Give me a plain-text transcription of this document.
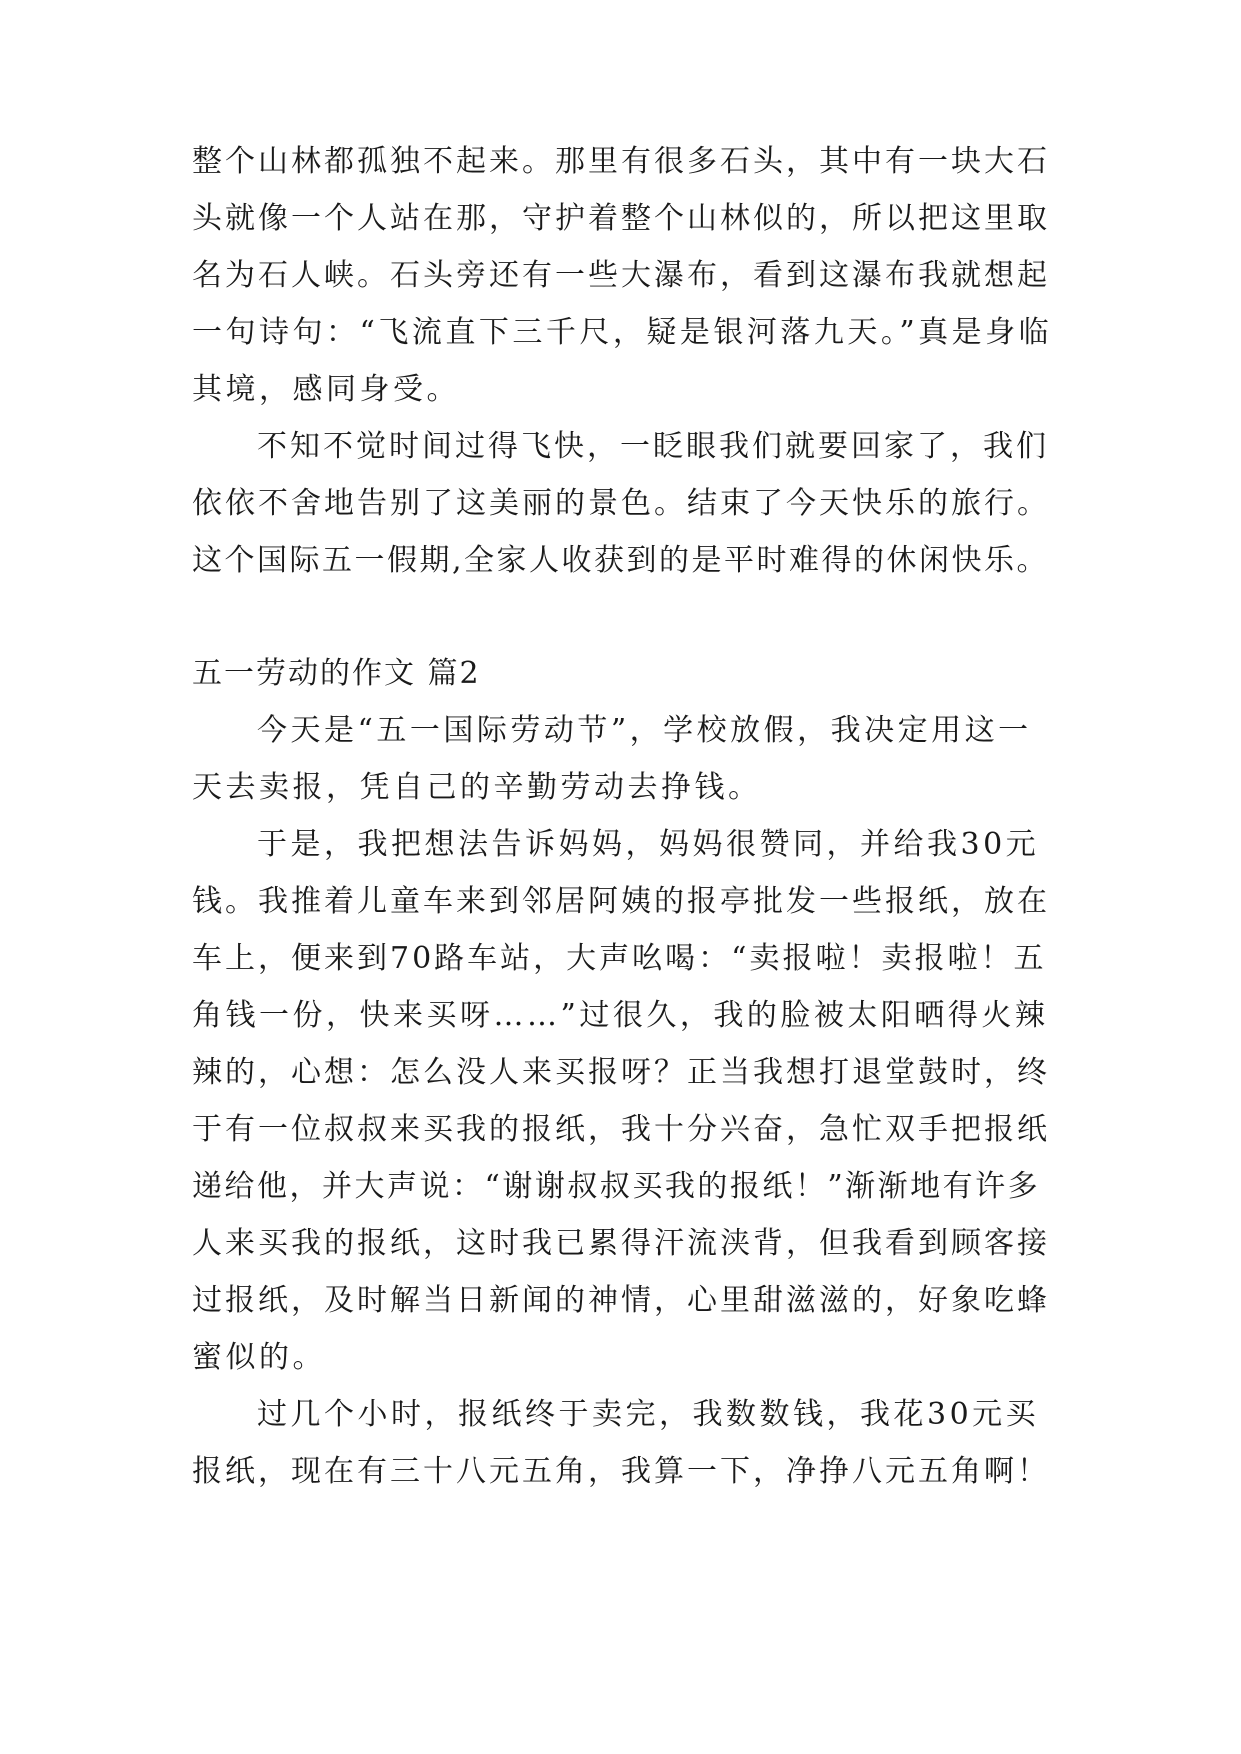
整个山林都孤独不起来。那里有很多石头，其中有一块大石
头就像一个人站在那，守护着整个山林似的，所以把这里取
名为石人峡。石头旁还有一些大瀑布，看到这瀑布我就想起
一句诗句：“飞流直下三千尺，疑是银河落九天。”真是身临
其境，感同身受。
不知不觉时间过得飞快，一眨眼我们就要回家了，我们
依依不舍地告别了这美丽的景色。结束了今天快乐的旅行。
这个国际五一假期,全家人收获到的是平时难得的休闲快乐。
五一劳动的作文 篇2
今天是“五一国际劳动节”，学校放假，我决定用这一
天去卖报，凭自己的辛勤劳动去挣钱。
于是，我把想法告诉妈妈，妈妈很赞同，并给我30元
钱。我推着儿童车来到邻居阿姨的报亭批发一些报纸，放在
车上，便来到70路车站，大声吆喝：“卖报啦！卖报啦！五
角钱一份，快来买呀……”过很久，我的脸被太阳晒得火辣
辣的，心想：怎么没人来买报呀？正当我想打退堂鼓时，终
于有一位叔叔来买我的报纸，我十分兴奋，急忙双手把报纸
递给他，并大声说：“谢谢叔叔买我的报纸！”渐渐地有许多
人来买我的报纸，这时我已累得汗流浃背，但我看到顾客接
过报纸，及时解当日新闻的神情，心里甜滋滋的，好象吃蜂
蜜似的。
过几个小时，报纸终于卖完，我数数钱，我花30元买
报纸，现在有三十八元五角，我算一下，净挣八元五角啊！
